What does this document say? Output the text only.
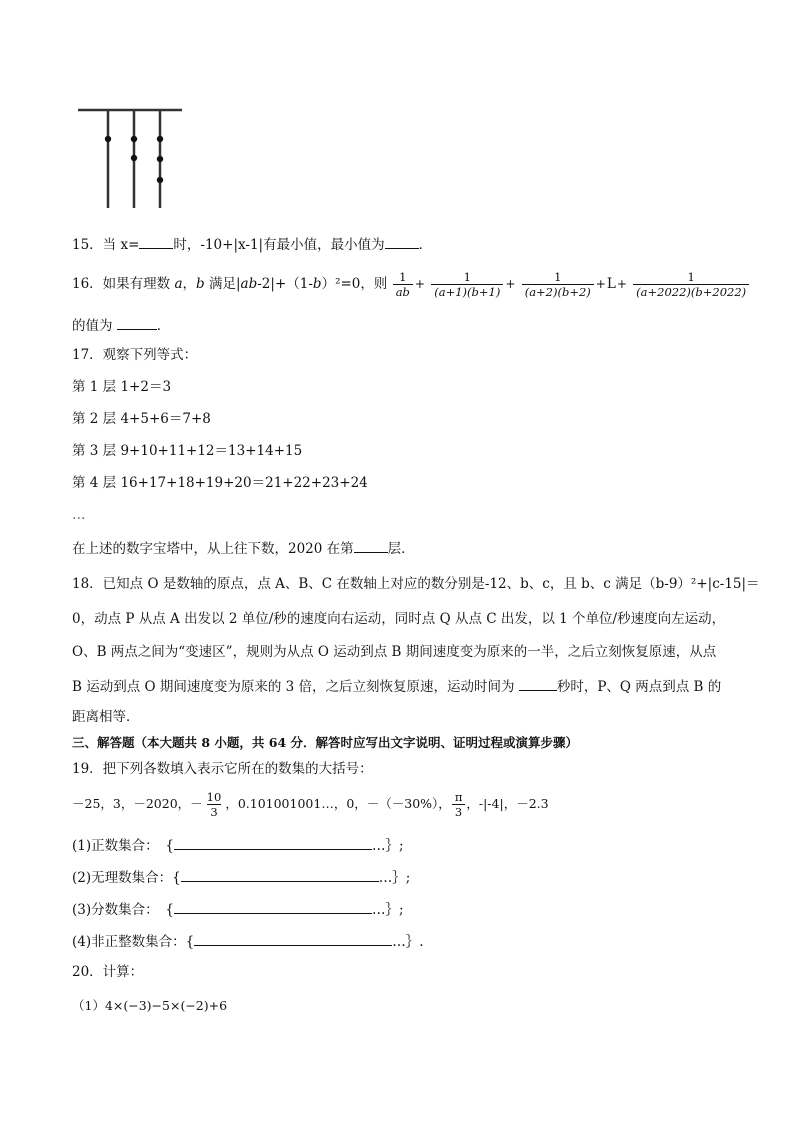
15．当 x=	时，-10+|x-1|有最小值，最小值为	．
16．如果有理数 a，b 满足|ab-2|+（1-b）²=0，则 $\frac{1}{ab} + \frac{1}{(a+1)(b+1)} + \frac{1}{(a+2)(b+2)} +L+ \frac{1}{(a+2022)(b+2022)}$
的值为	．
17．观察下列等式：
第 1 层 1+2＝3
第 2 层 4+5+6＝7+8
第 3 层 9+10+11+12＝13+14+15
第 4 层 16+17+18+19+20＝21+22+23+24
…
在上述的数字宝塔中，从上往下数，2020 在第	层．
18．已知点 O 是数轴的原点，点 A、B、C 在数轴上对应的数分别是-12、b、c，且 b、c 满足（b-9）²+|c-15|＝
0，动点 P 从点 A 出发以 2 单位/秒的速度向右运动，同时点 Q 从点 C 出发，以 1 个单位/秒速度向左运动，
O、B 两点之间为“变速区”，规则为从点 O 运动到点 B 期间速度变为原来的一半，之后立刻恢复原速，从点
B 运动到点 O 期间速度变为原来的 3 倍，之后立刻恢复原速，运动时间为	秒时，P、Q 两点到点 B 的
距离相等．
三、解答题（本大题共 8 小题，共 64 分．解答时应写出文字说明、证明过程或演算步骤）
19．把下列各数填入表示它所在的数集的大括号：
－25，3，－2020，－ $\frac{10}{3}$ ，0.101001001…，0，－（－30%）， $\frac{\pi}{3}$ ，-|-4|，－2.3
(1)正数集合：　{	…｝;
(2)无理数集合：{	…｝;
(3)分数集合：　{	…｝;
(4)非正整数集合：{	…｝.
20．计算：
（1）4×(−3)−5×(−2)+6
